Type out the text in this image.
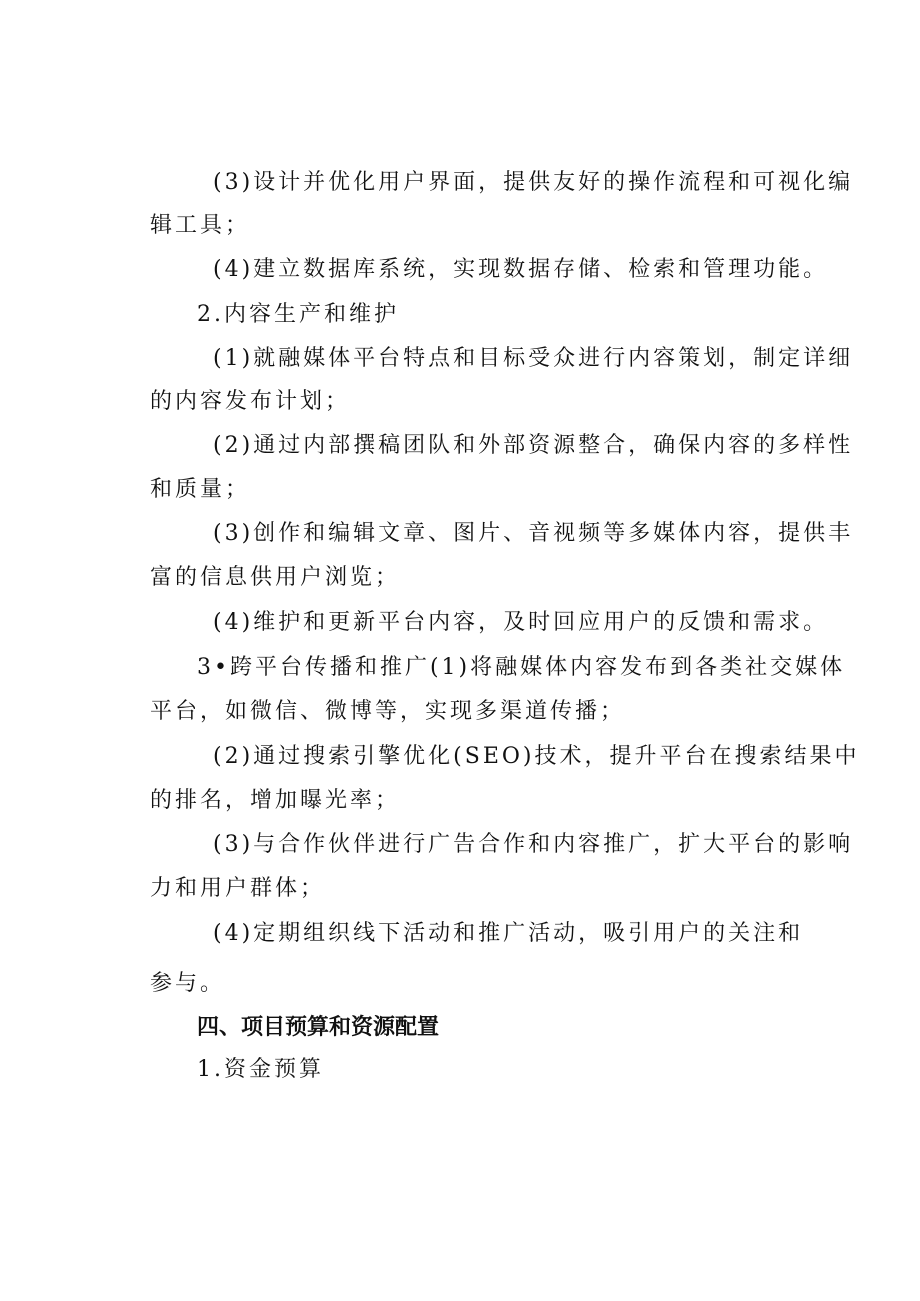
(3)设计并优化用户界面，提供友好的操作流程和可视化编
辑工具；
(4)建立数据库系统，实现数据存储、检索和管理功能。
2.内容生产和维护
(1)就融媒体平台特点和目标受众进行内容策划，制定详细
的内容发布计划；
(2)通过内部撰稿团队和外部资源整合，确保内容的多样性
和质量；
(3)创作和编辑文章、图片、音视频等多媒体内容，提供丰
富的信息供用户浏览；
(4)维护和更新平台内容，及时回应用户的反馈和需求。
3•跨平台传播和推广(1)将融媒体内容发布到各类社交媒体
平台，如微信、微博等，实现多渠道传播；
(2)通过搜索引擎优化(SEO)技术，提升平台在搜索结果中
的排名，增加曝光率；
(3)与合作伙伴进行广告合作和内容推广，扩大平台的影响
力和用户群体；
(4)定期组织线下活动和推广活动，吸引用户的关注和
参与。
四、项目预算和资源配置
1.资金预算
